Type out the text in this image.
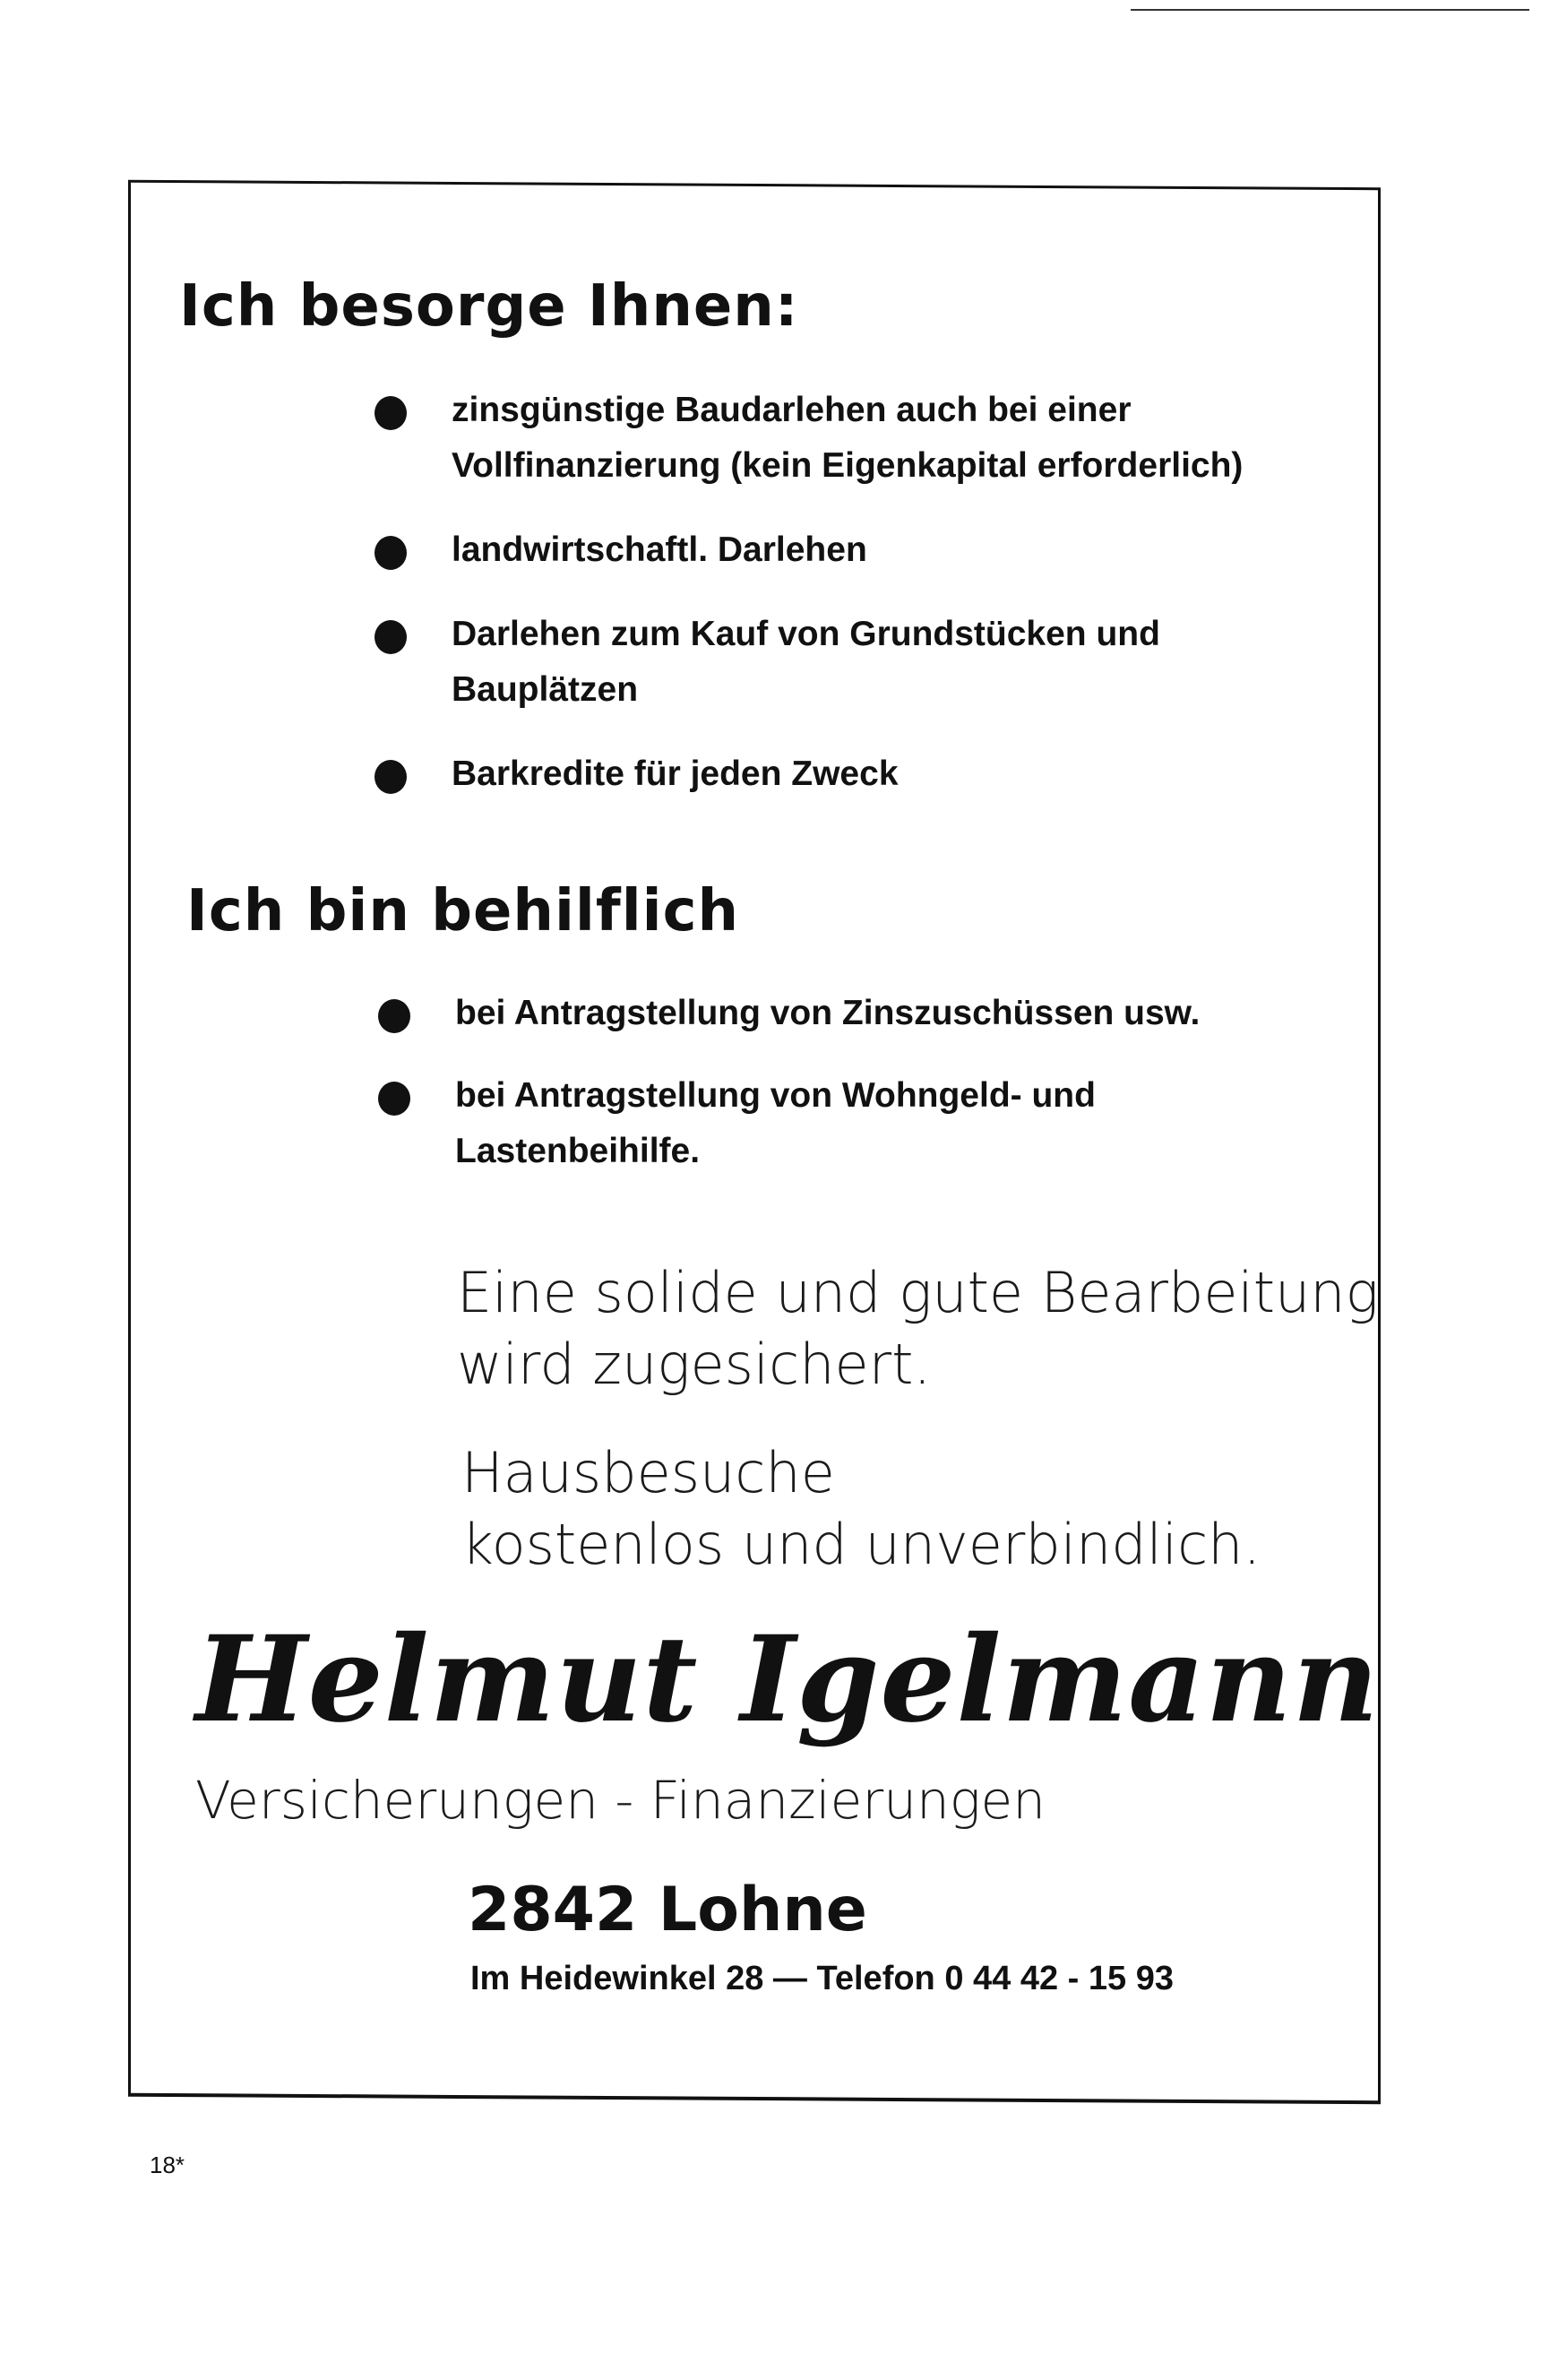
Ich besorge Ihnen:
zinsgünstige Baudarlehen auch bei einer Vollfinanzierung (kein Eigenkapital erforderlich)
landwirtschaftl. Darlehen
Darlehen zum Kauf von Grundstücken und Bauplätzen
Barkredite für jeden Zweck
Ich bin behilflich
bei Antragstellung von Zinszuschüssen usw.
bei Antragstellung von Wohngeld- und Lastenbeihilfe.
Eine solide und gute Bearbeitung
wird zugesichert.
Hausbesuche
kostenlos und unverbindlich.
Helmut Igelmann
Versicherungen - Finanzierungen
2842 Lohne
Im Heidewinkel 28 — Telefon 0 44 42 - 15 93
18*
